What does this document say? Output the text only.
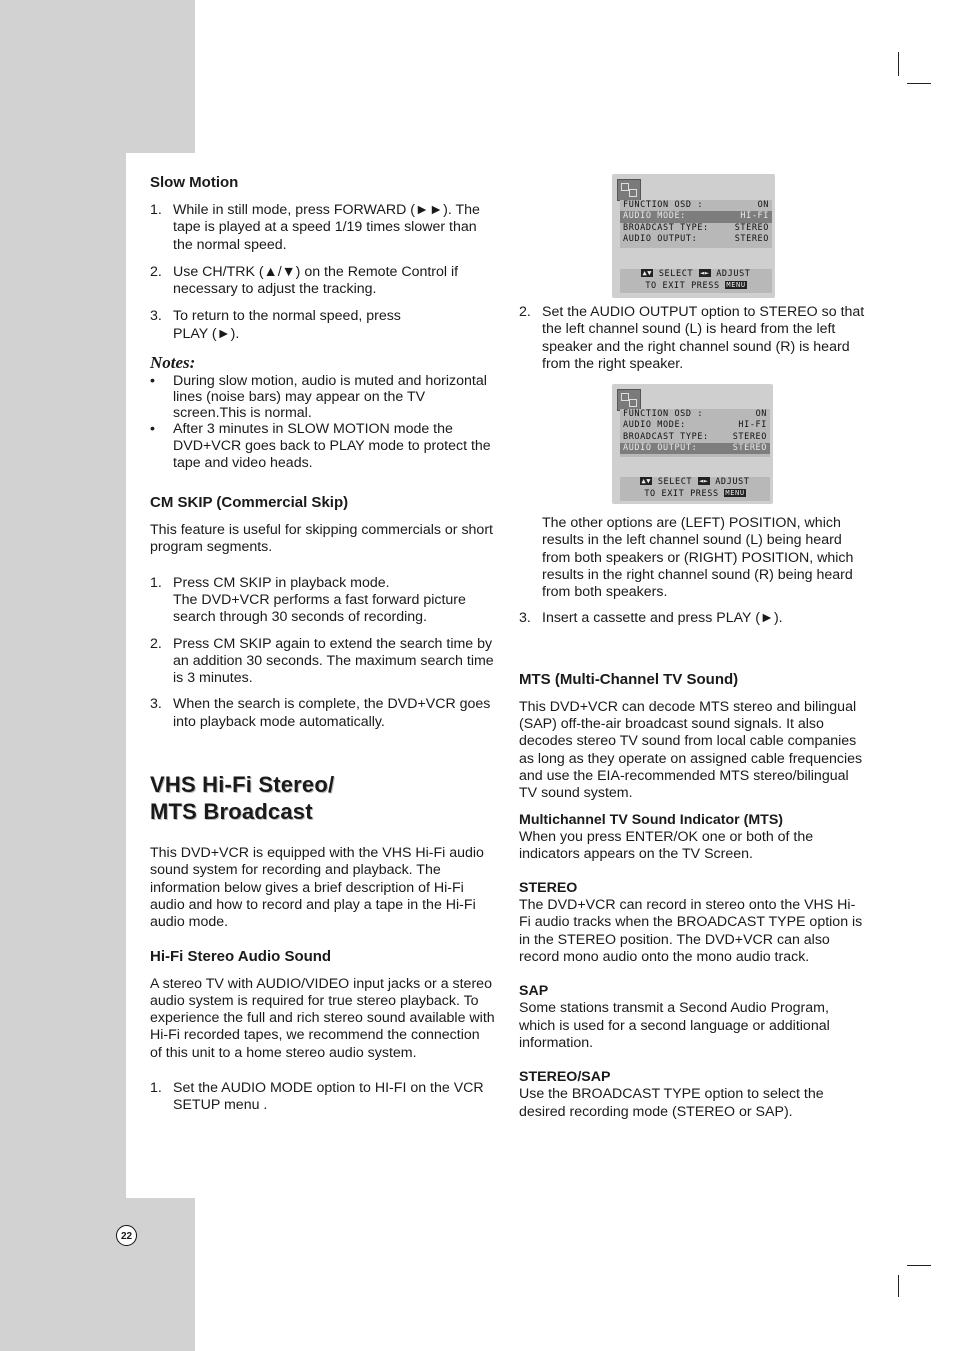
Slow Motion
1. While in still mode, press FORWARD (►►). The tape is played at a speed 1/19 times slower than the normal speed.
2. Use CH/TRK (▲/▼) on the Remote Control if necessary to adjust the tracking.
3. To return to the normal speed, press PLAY (►).

Notes:

• During slow motion, audio is muted and horizontal lines (noise bars) may appear on the TV screen.This is normal.
• After 3 minutes in SLOW MOTION mode the DVD+VCR goes back to PLAY mode to protect the tape and video heads.
CM SKIP (Commercial Skip)

This feature is useful for skipping commercials or short program segments.

1. Press CM SKIP in playback mode.
The DVD+VCR performs a fast forward picture search through 30 seconds of recording.
2. Press CM SKIP again to extend the search time by an addition 30 seconds. The maximum search time is 3 minutes.
3. When the search is complete, the DVD+VCR goes into playback mode automatically.
VHS Hi-Fi Stereo/
MTS Broadcast

This DVD+VCR is equipped with the VHS Hi-Fi audio sound system for recording and playback. The information below gives a brief description of Hi-Fi audio and how to record and play a tape in the Hi-Fi audio mode.

Hi-Fi Stereo Audio Sound

A stereo TV with AUDIO/VIDEO input jacks or a stereo audio system is required for true stereo playback. To experience the full and rich stereo sound available with Hi-Fi recorded tapes, we recommend the connection of this unit to a home stereo audio system.

1. Set the AUDIO MODE option to HI-FI on the VCR SETUP menu .
FUNCTION OSD :	ON
AUDIO MODE:	HI-FI
BROADCAST TYPE:	STEREO
AUDIO OUTPUT:	STEREO
▲▼ SELECT ◄► ADJUST
TO EXIT PRESS MENU
FUNCTION OSD :	ON
AUDIO MODE:	HI-FI
BROADCAST TYPE:	STEREO
AUDIO OUTPUT:	STEREO
▲▼ SELECT ◄► ADJUST
TO EXIT PRESS MENU
2. Set the AUDIO OUTPUT option to STEREO so that the left channel sound (L) is heard from the left speaker and the right channel sound (R) is heard from the right speaker.

The other options are (LEFT) POSITION, which results in the left channel sound (L) being heard from both speakers or (RIGHT) POSITION, which results in the right channel sound (R) being heard from both speakers.

3. Insert a cassette and press PLAY (►).
MTS (Multi-Channel TV Sound)

This DVD+VCR can decode MTS stereo and bilingual (SAP) off-the-air broadcast sound signals. It also decodes stereo TV sound from local cable companies as long as they operate on assigned cable frequencies and use the EIA-recommended MTS stereo/bilingual TV sound system.

Multichannel TV Sound Indicator (MTS)

When you press ENTER/OK one or both of the indicators appears on the TV Screen.

STEREO

The DVD+VCR can record in stereo onto the VHS Hi-Fi audio tracks when the BROADCAST TYPE option is in the STEREO position. The DVD+VCR can also record mono audio onto the mono audio track.

SAP

Some stations transmit a Second Audio Program, which is used for a second language or additional information.

STEREO/SAP

Use the BROADCAST TYPE option to select the desired recording mode (STEREO or SAP).

22
